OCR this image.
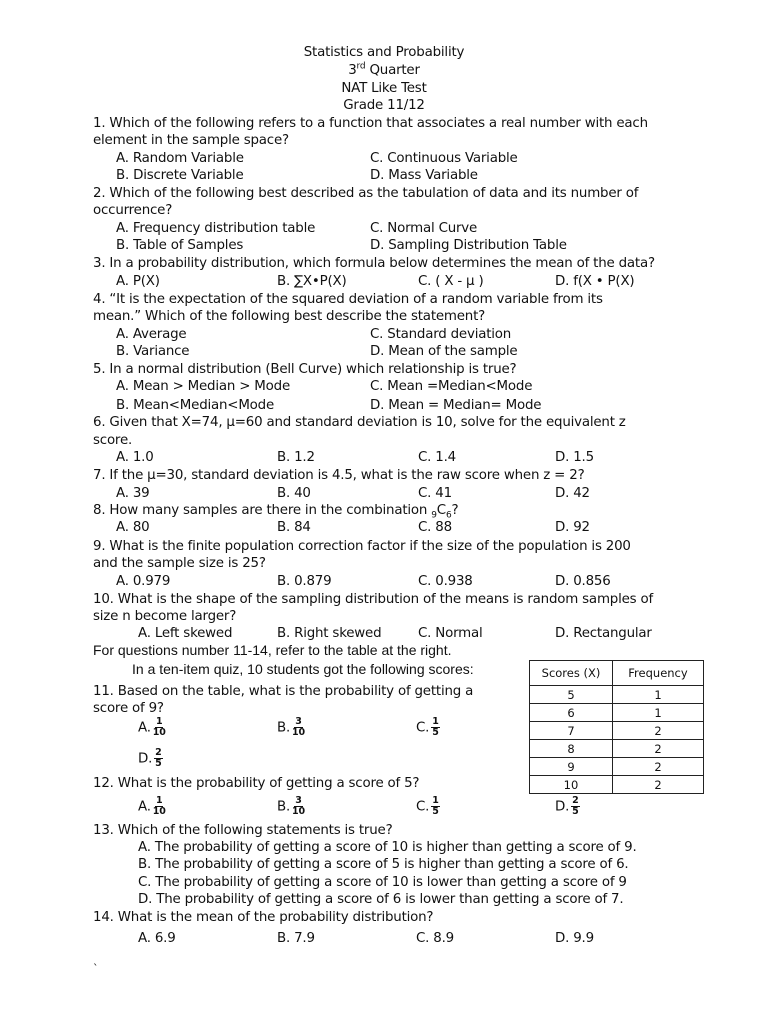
Statistics and Probability
3rd Quarter
NAT Like Test
Grade 11/12
1. Which of the following refers to a function that associates a real number with each
element in the sample space?
A. Random Variable	C. Continuous Variable
B. Discrete Variable	D. Mass Variable
2. Which of the following best described as the tabulation of data and its number of
occurrence?
A. Frequency distribution table	C. Normal Curve
B. Table of Samples	D. Sampling Distribution Table
3. In a probability distribution, which formula below determines the mean of the data?
A. P(X)	B. ∑X•P(X)	C. ( X - μ )	D. f(X • P(X)
4. “It is the expectation of the squared deviation of a random variable from its
mean.” Which of the following best describe the statement?
A. Average	C. Standard deviation
B. Variance	D. Mean of the sample
5. In a normal distribution (Bell Curve) which relationship is true?
A. Mean > Median > Mode	C. Mean =Median<Mode
B. Mean<Median<Mode	D. Mean = Median= Mode
6. Given that X=74, μ=60 and standard deviation is 10, solve for the equivalent z
score.
A. 1.0	B. 1.2	C. 1.4	D. 1.5
7. If the μ=30, standard deviation is 4.5, what is the raw score when z = 2?
A. 39	B. 40	C. 41	D. 42
8. How many samples are there in the combination $_9C_6$?
A. 80	B. 84	C. 88	D. 92
9. What is the finite population correction factor if the size of the population is 200
and the sample size is 25?
A. 0.979	B. 0.879	C. 0.938	D. 0.856
10. What is the shape of the sampling distribution of the means is random samples of
size n become larger?
A. Left skewed	B. Right skewed	C. Normal	D. Rectangular
For questions number 11-14, refer to the table at the right.
In a ten-item quiz, 10 students got the following scores:	Scores (X)	Frequency
5	1
6	1
7	2
8	2
9	2
10	2
11. Based on the table, what is the probability of getting a
score of 9?
A. $\frac{1}{10}$	B. $\frac{3}{10}$	C. $\frac{1}{5}$
D. $\frac{2}{5}$
12. What is the probability of getting a score of 5?
A. $\frac{1}{10}$	B. $\frac{3}{10}$	C. $\frac{1}{5}$	D. $\frac{2}{5}$
13. Which of the following statements is true?
A. The probability of getting a score of 10 is higher than getting a score of 9.
B. The probability of getting a score of 5 is higher than getting a score of 6.
C. The probability of getting a score of 10 is lower than getting a score of 9
D. The probability of getting a score of 6 is lower than getting a score of 7.
14. What is the mean of the probability distribution?
A. 6.9	B. 7.9	C. 8.9	D. 9.9
`
